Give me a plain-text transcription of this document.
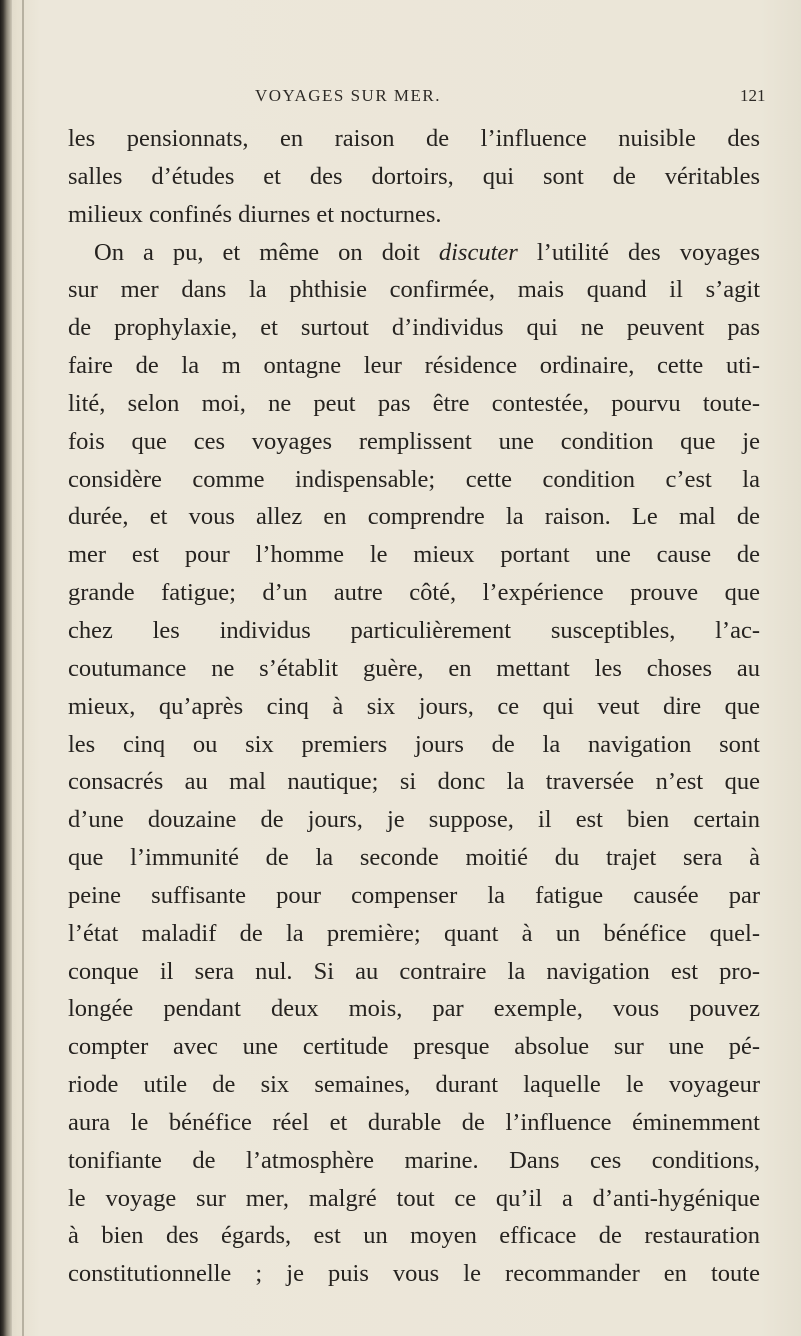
VOYAGES SUR MER.	121
les pensionnats, en raison de l’influence nuisible des
salles d’études et des dortoirs, qui sont de véritables
milieux confinés diurnes et nocturnes.
On a pu, et même on doit discuter l’utilité des voyages
sur mer dans la phthisie confirmée, mais quand il s’agit
de prophylaxie, et surtout d’individus qui ne peuvent pas
faire de la m ontagne leur résidence ordinaire, cette uti-
lité, selon moi, ne peut pas être contestée, pourvu toute-
fois que ces voyages remplissent une condition que je
considère comme indispensable; cette condition c’est la
durée, et vous allez en comprendre la raison. Le mal de
mer est pour l’homme le mieux portant une cause de
grande fatigue; d’un autre côté, l’expérience prouve que
chez les individus particulièrement susceptibles, l’ac-
coutumance ne s’établit guère, en mettant les choses au
mieux, qu’après cinq à six jours, ce qui veut dire que
les cinq ou six premiers jours de la navigation sont
consacrés au mal nautique; si donc la traversée n’est que
d’une douzaine de jours, je suppose, il est bien certain
que l’immunité de la seconde moitié du trajet sera à
peine suffisante pour compenser la fatigue causée par
l’état maladif de la première; quant à un bénéfice quel-
conque il sera nul. Si au contraire la navigation est pro-
longée pendant deux mois, par exemple, vous pouvez
compter avec une certitude presque absolue sur une pé-
riode utile de six semaines, durant laquelle le voyageur
aura le bénéfice réel et durable de l’influence éminemment
tonifiante de l’atmosphère marine. Dans ces conditions,
le voyage sur mer, malgré tout ce qu’il a d’anti-hygénique
à bien des égards, est un moyen efficace de restauration
constitutionnelle ; je puis vous le recommander en toute
